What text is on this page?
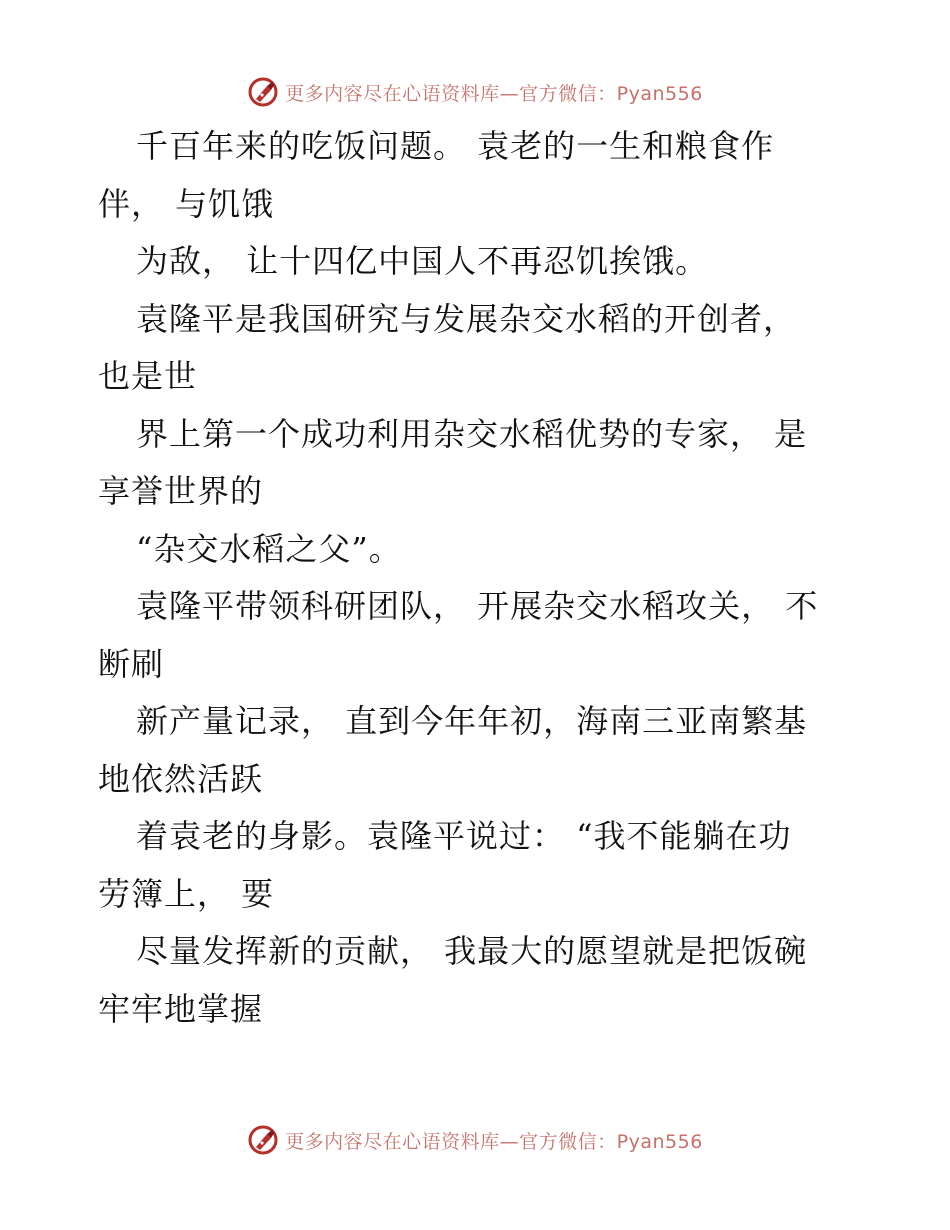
更多内容尽在心语资料库—官方微信：Pyan556
千百年来的吃饭问题。 袁老的一生和粮食作
伴， 与饥饿
为敌， 让十四亿中国人不再忍饥挨饿。
袁隆平是我国研究与发展杂交水稻的开创者，
也是世
界上第一个成功利用杂交水稻优势的专家， 是
享誉世界的
“杂交水稻之父”。
袁隆平带领科研团队， 开展杂交水稻攻关， 不
断刷
新产量记录， 直到今年年初，海南三亚南繁基
地依然活跃
着袁老的身影。袁隆平说过： “我不能躺在功
劳簿上， 要
尽量发挥新的贡献， 我最大的愿望就是把饭碗
牢牢地掌握
更多内容尽在心语资料库—官方微信：Pyan556
